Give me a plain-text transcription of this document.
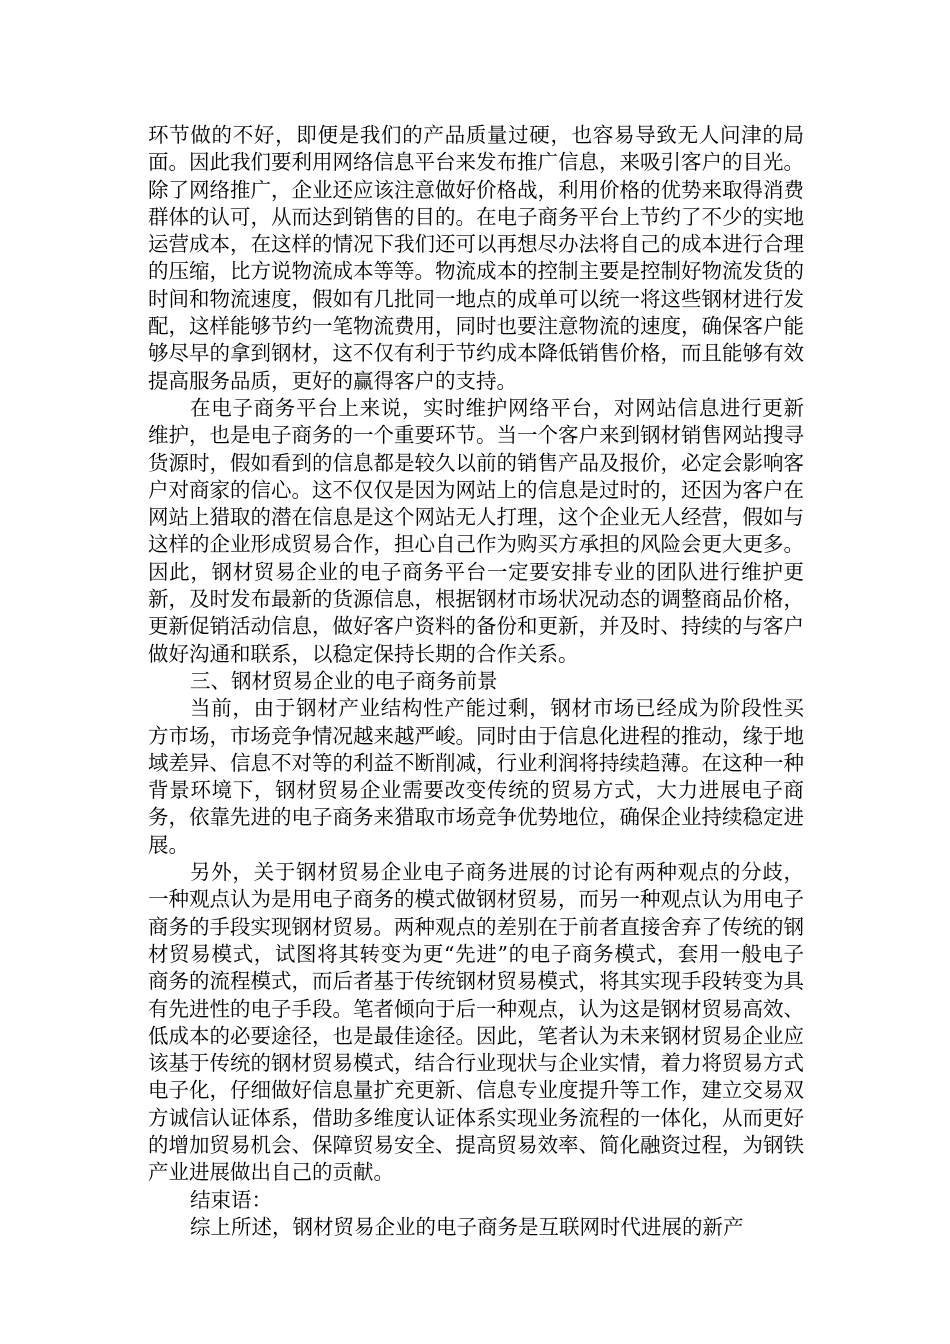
环节做的不好，即便是我们的产品质量过硬，也容易导致无人问津的局面。因此我们要利用网络信息平台来发布推广信息，来吸引客户的目光。除了网络推广，企业还应该注意做好价格战，利用价格的优势来取得消费群体的认可，从而达到销售的目的。在电子商务平台上节约了不少的实地运营成本，在这样的情况下我们还可以再想尽办法将自己的成本进行合理的压缩，比方说物流成本等等。物流成本的控制主要是控制好物流发货的时间和物流速度，假如有几批同一地点的成单可以统一将这些钢材进行发配，这样能够节约一笔物流费用，同时也要注意物流的速度，确保客户能够尽早的拿到钢材，这不仅有利于节约成本降低销售价格，而且能够有效提高服务品质，更好的赢得客户的支持。

在电子商务平台上来说，实时维护网络平台，对网站信息进行更新维护，也是电子商务的一个重要环节。当一个客户来到钢材销售网站搜寻货源时，假如看到的信息都是较久以前的销售产品及报价，必定会影响客户对商家的信心。这不仅仅是因为网站上的信息是过时的，还因为客户在网站上猎取的潜在信息是这个网站无人打理，这个企业无人经营，假如与这样的企业形成贸易合作，担心自己作为购买方承担的风险会更大更多。因此，钢材贸易企业的电子商务平台一定要安排专业的团队进行维护更新，及时发布最新的货源信息，根据钢材市场状况动态的调整商品价格，更新促销活动信息，做好客户资料的备份和更新，并及时、持续的与客户做好沟通和联系，以稳定保持长期的合作关系。

三、钢材贸易企业的电子商务前景

当前，由于钢材产业结构性产能过剩，钢材市场已经成为阶段性买方市场，市场竞争情况越来越严峻。同时由于信息化进程的推动，缘于地域差异、信息不对等的利益不断削减，行业利润将持续趋薄。在这种一种背景环境下，钢材贸易企业需要改变传统的贸易方式，大力进展电子商务，依靠先进的电子商务来猎取市场竞争优势地位，确保企业持续稳定进展。

另外，关于钢材贸易企业电子商务进展的讨论有两种观点的分歧，一种观点认为是用电子商务的模式做钢材贸易，而另一种观点认为用电子商务的手段实现钢材贸易。两种观点的差别在于前者直接舍弃了传统的钢材贸易模式，试图将其转变为更“先进”的电子商务模式，套用一般电子商务的流程模式，而后者基于传统钢材贸易模式，将其实现手段转变为具有先进性的电子手段。笔者倾向于后一种观点，认为这是钢材贸易高效、低成本的必要途径，也是最佳途径。因此，笔者认为未来钢材贸易企业应该基于传统的钢材贸易模式，结合行业现状与企业实情，着力将贸易方式电子化，仔细做好信息量扩充更新、信息专业度提升等工作，建立交易双方诚信认证体系，借助多维度认证体系实现业务流程的一体化，从而更好的增加贸易机会、保障贸易安全、提高贸易效率、简化融资过程，为钢铁产业进展做出自己的贡献。

结束语：

综上所述，钢材贸易企业的电子商务是互联网时代进展的新产
